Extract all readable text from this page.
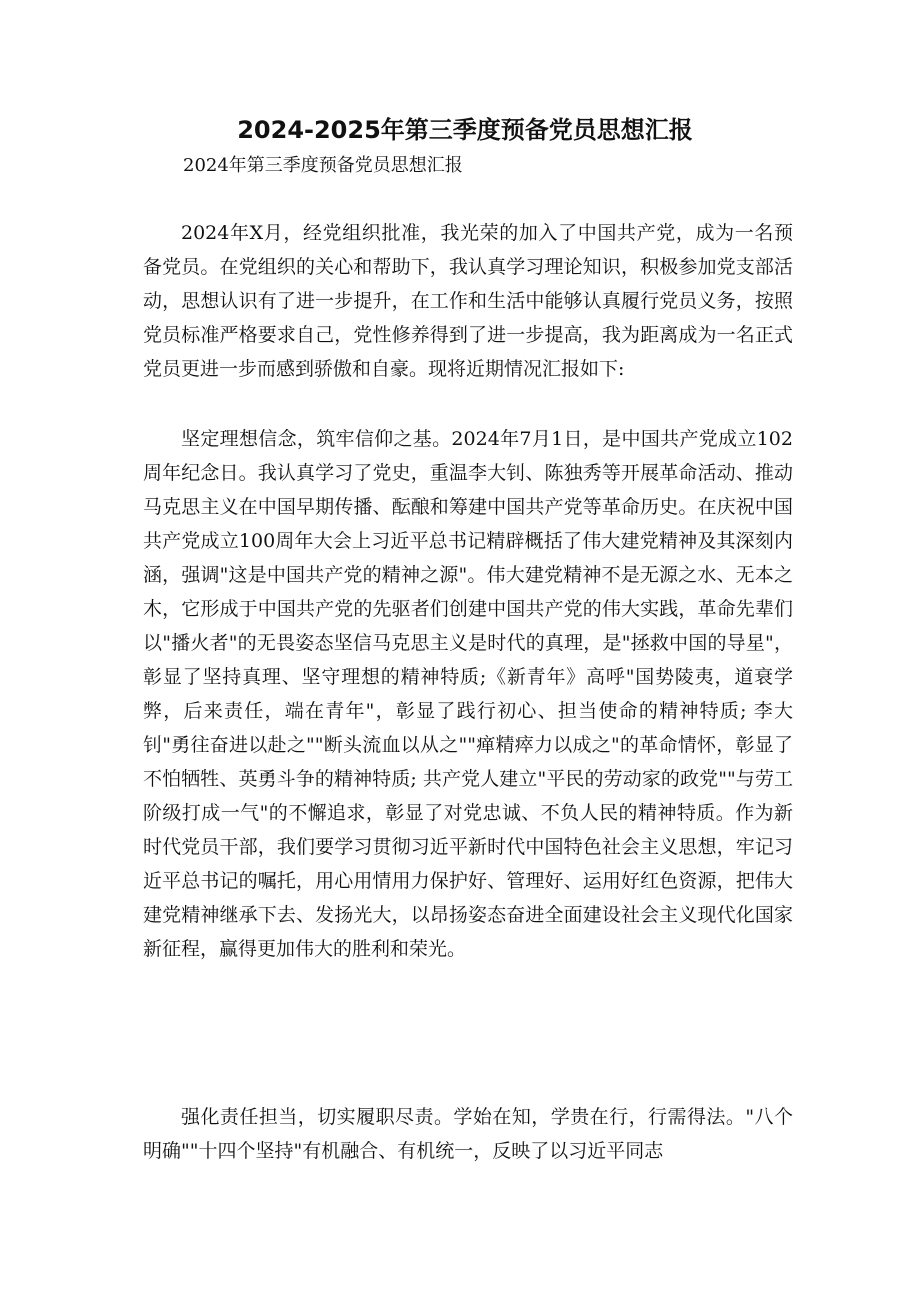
2024-2025年第三季度预备党员思想汇报

2024年第三季度预备党员思想汇报

2024年X月，经党组织批准，我光荣的加入了中国共产党，成为一名预备党员。在党组织的关心和帮助下，我认真学习理论知识，积极参加党支部活动，思想认识有了进一步提升，在工作和生活中能够认真履行党员义务，按照党员标准严格要求自己，党性修养得到了进一步提高，我为距离成为一名正式党员更进一步而感到骄傲和自豪。现将近期情况汇报如下:

坚定理想信念，筑牢信仰之基。2024年7月1日，是中国共产党成立102周年纪念日。我认真学习了党史，重温李大钊、陈独秀等开展革命活动、推动马克思主义在中国早期传播、酝酿和筹建中国共产党等革命历史。在庆祝中国共产党成立100周年大会上习近平总书记精辟概括了伟大建党精神及其深刻内涵，强调"这是中国共产党的精神之源"。伟大建党精神不是无源之水、无本之木，它形成于中国共产党的先驱者们创建中国共产党的伟大实践，革命先辈们以"播火者"的无畏姿态坚信马克思主义是时代的真理，是"拯救中国的导星"，彰显了坚持真理、坚守理想的精神特质;《新青年》高呼"国势陵夷，道衰学弊，后来责任，端在青年"，彰显了践行初心、担当使命的精神特质; 李大钊"勇往奋进以赴之""断头流血以从之""瘅精瘁力以成之"的革命情怀，彰显了不怕牺牲、英勇斗争的精神特质; 共产党人建立"平民的劳动家的政党""与劳工阶级打成一气"的不懈追求，彰显了对党忠诚、不负人民的精神特质。作为新时代党员干部，我们要学习贯彻习近平新时代中国特色社会主义思想，牢记习近平总书记的嘱托，用心用情用力保护好、管理好、运用好红色资源，把伟大建党精神继承下去、发扬光大，以昂扬姿态奋进全面建设社会主义现代化国家新征程，赢得更加伟大的胜利和荣光。

强化责任担当，切实履职尽责。学始在知，学贵在行，行需得法。"八个明确""十四个坚持"有机融合、有机统一，反映了以习近平同志
